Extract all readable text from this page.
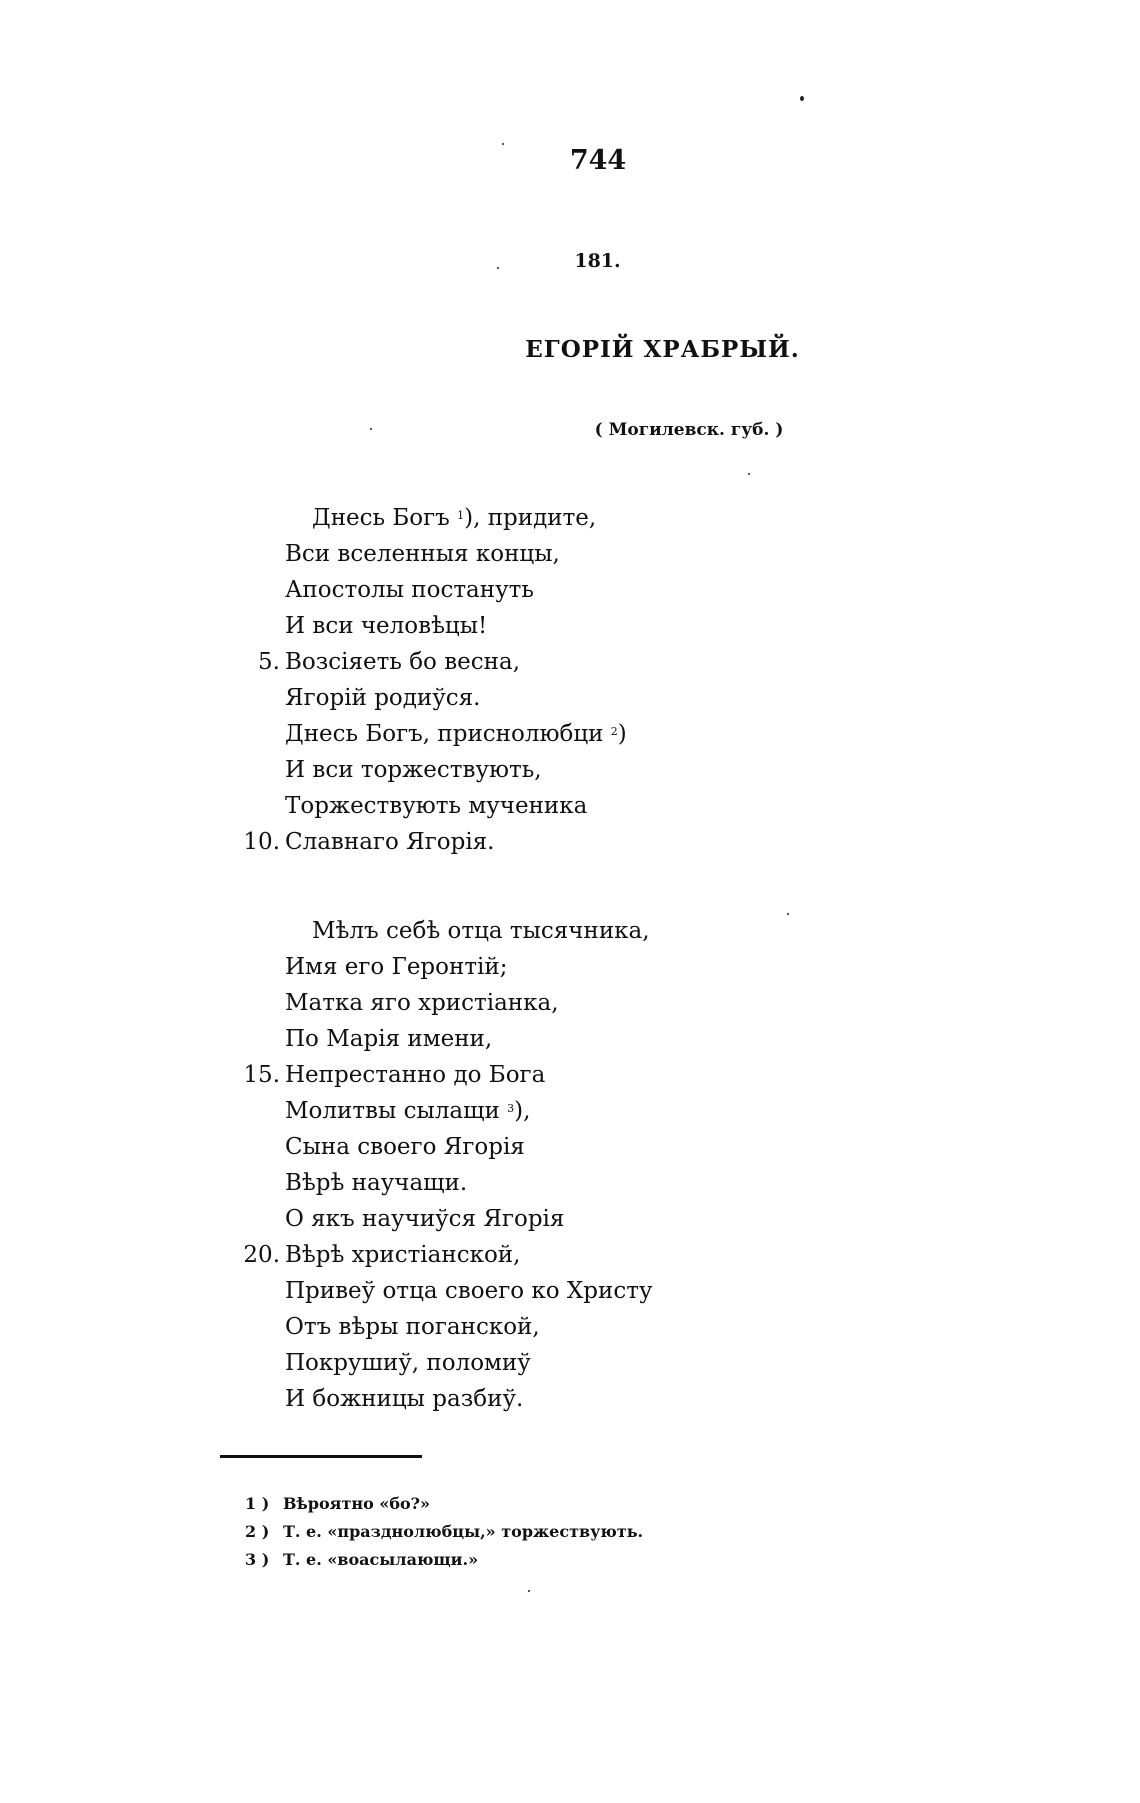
744
181.
ЕГОРІЙ ХРАБРЫЙ.
( Могилевск. губ. )
Днесь Богъ $^1$), придите,
Вси вселенныя концы,
Апостолы постануть
И вси человѣцы!
5. Возсіяеть бо весна,
Ягорій родиўся.
Днесь Богъ, приснолюбци $^2$)
И вси торжествують,
Торжествують мученика
10. Славнаго Ягорія.
Мѣлъ себѣ отца тысячника,
Имя его Геронтій;
Матка яго христіанка,
По Марія имени,
15. Непрестанно до Бога
Молитвы сылащи $^3$),
Сына своего Ягорія
Вѣрѣ научащи.
О якъ научиўся Ягорія
20. Вѣрѣ христіанской,
Привеў отца своего ко Христу
Отъ вѣры поганской,
Покрушиў, поломиў
И божницы разбиў.
1 ) Вѣроятно «бо?»
2 ) Т. е. «празднолюбцы,» торжествують.
3 ) Т. е. «воасылающи.»
